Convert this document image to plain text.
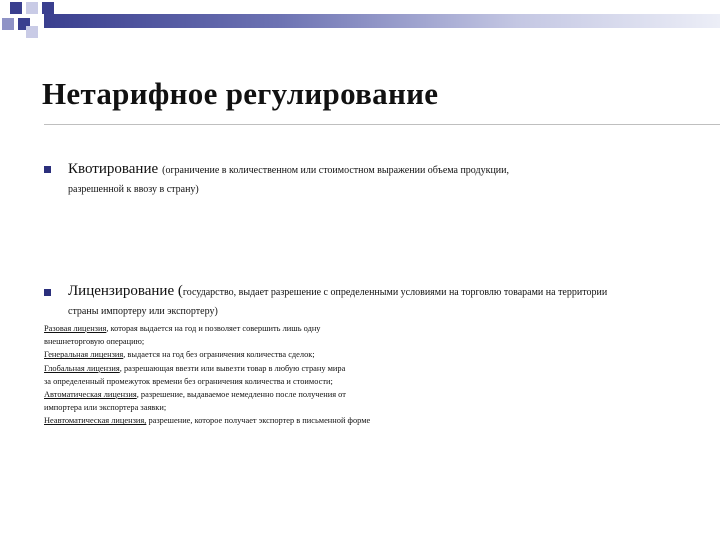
Нетарифное регулирование
Квотирование (ограничение в количественном или стоимостном выражении объема продукции,
разрешенной к ввозу в страну)
Лицензирование (государство, выдает разрешение с определенными условиями на торговлю товарами на территории
страны импортеру или экспортеру)
Разовая лицензия, которая выдается на год и позволяет совершить лишь одну
внешнеторговую операцию;
Генеральная лицензия, выдается на год без ограничения количества сделок;
Глобальная лицензия, разрешающая ввезти или вывезти товар в любую страну мира
за определенный промежуток времени без ограничения количества и стоимости;
Автоматическая лицензия, разрешение, выдаваемое немедленно после получения от
импортера или экспортера заявки;
Неавтоматическая лицензия, разрешение, которое получает экспортер в письменной форме
